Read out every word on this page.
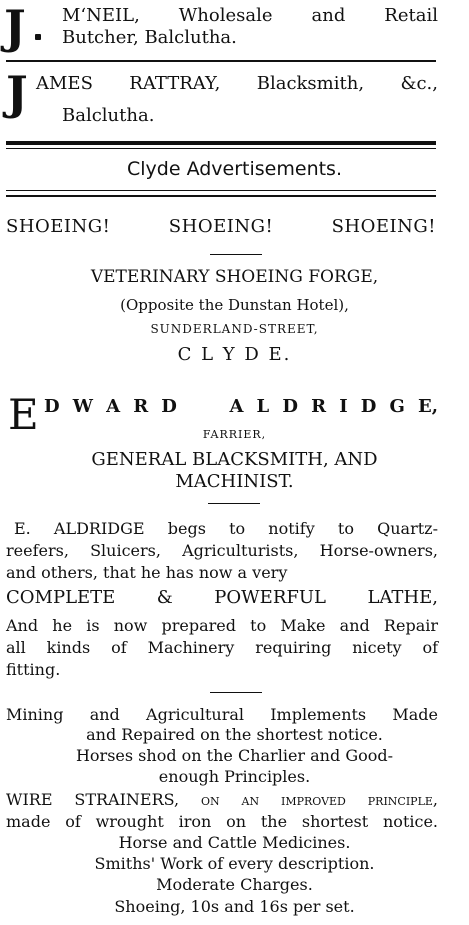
J M‘NEIL, Wholesale and Retail
Butcher, Balclutha.
J AMES RATTRAY, Blacksmith, &c.,
Balclutha.
Clyde Advertisements.
SHOEING! SHOEING! SHOEING!
VETERINARY SHOEING FORGE,
(Opposite the Dunstan Hotel),
SUNDERLAND-STREET,
C L Y D E.
E D W A R D    A L D R I D G E,
FARRIER,
GENERAL BLACKSMITH, AND
MACHINIST.
E. ALDRIDGE begs to notify to Quartz-
reefers, Sluicers, Agriculturists, Horse-owners,
and others, that he has now a very
COMPLETE & POWERFUL LATHE,
And he is now prepared to Make and Repair
all kinds of Machinery requiring nicety of
fitting.
Mining and Agricultural Implements Made
and Repaired on the shortest notice.
Horses shod on the Charlier and Good-
enough Principles.
WIRE STRAINERS, on an improved principle,
made of wrought iron on the shortest notice.
Horse and Cattle Medicines.
Smiths' Work of every description.
Moderate Charges.
Shoeing, 10s and 16s per set.
